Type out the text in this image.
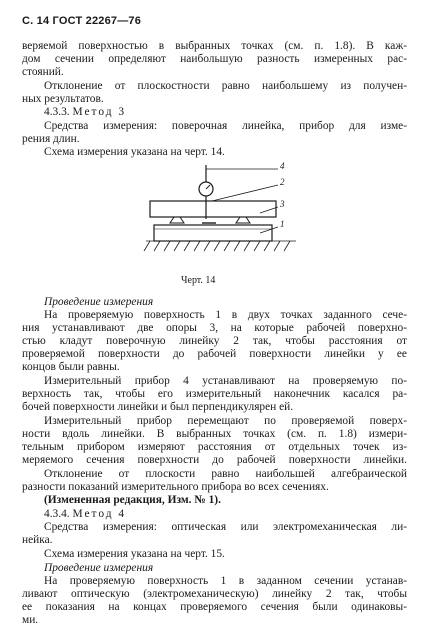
С. 14 ГОСТ 22267—76
веряемой поверхностью в выбранных точках (см. п. 1.8). В каж-
дом сечении определяют наибольшую разность измеренных рас-
стояний.
Отклонение от плоскостности равно наибольшему из получен-
ных результатов.
4.3.3. Метод 3
Средства измерения: поверочная линейка, прибор для изме-
рения длин.
Схема измерения указана на черт. 14.
4
2
3
1
Черт. 14
Проведение измерения
На проверяемую поверхность 1 в двух точках заданного сече-
ния устанавливают две опоры 3, на которые рабочей поверхно-
стью кладут поверочную линейку 2 так, чтобы расстояния от
проверяемой поверхности до рабочей поверхности линейки у ее
концов были равны.
Измерительный прибор 4 устанавливают на проверяемую по-
верхность так, чтобы его измерительный наконечник касался ра-
бочей поверхности линейки и был перпендикулярен ей.
Измерительный прибор перемещают по проверяемой поверх-
ности вдоль линейки. В выбранных точках (см. п. 1.8) измери-
тельным прибором измеряют расстояния от отдельных точек из-
меряемого сечения поверхности до рабочей поверхности линейки.
Отклонение от плоскости равно наибольшей алгебраической
разности показаний измерительного прибора во всех сечениях.
(Измененная редакция, Изм. № 1).
4.3.4. Метод 4
Средства измерения: оптическая или электромеханическая ли-
нейка.
Схема измерения указана на черт. 15.
Проведение измерения
На проверяемую поверхность 1 в заданном сечении устанав-
ливают оптическую (электромеханическую) линейку 2 так, чтобы
ее показания на концах проверяемого сечения были одинаковы-
ми.
